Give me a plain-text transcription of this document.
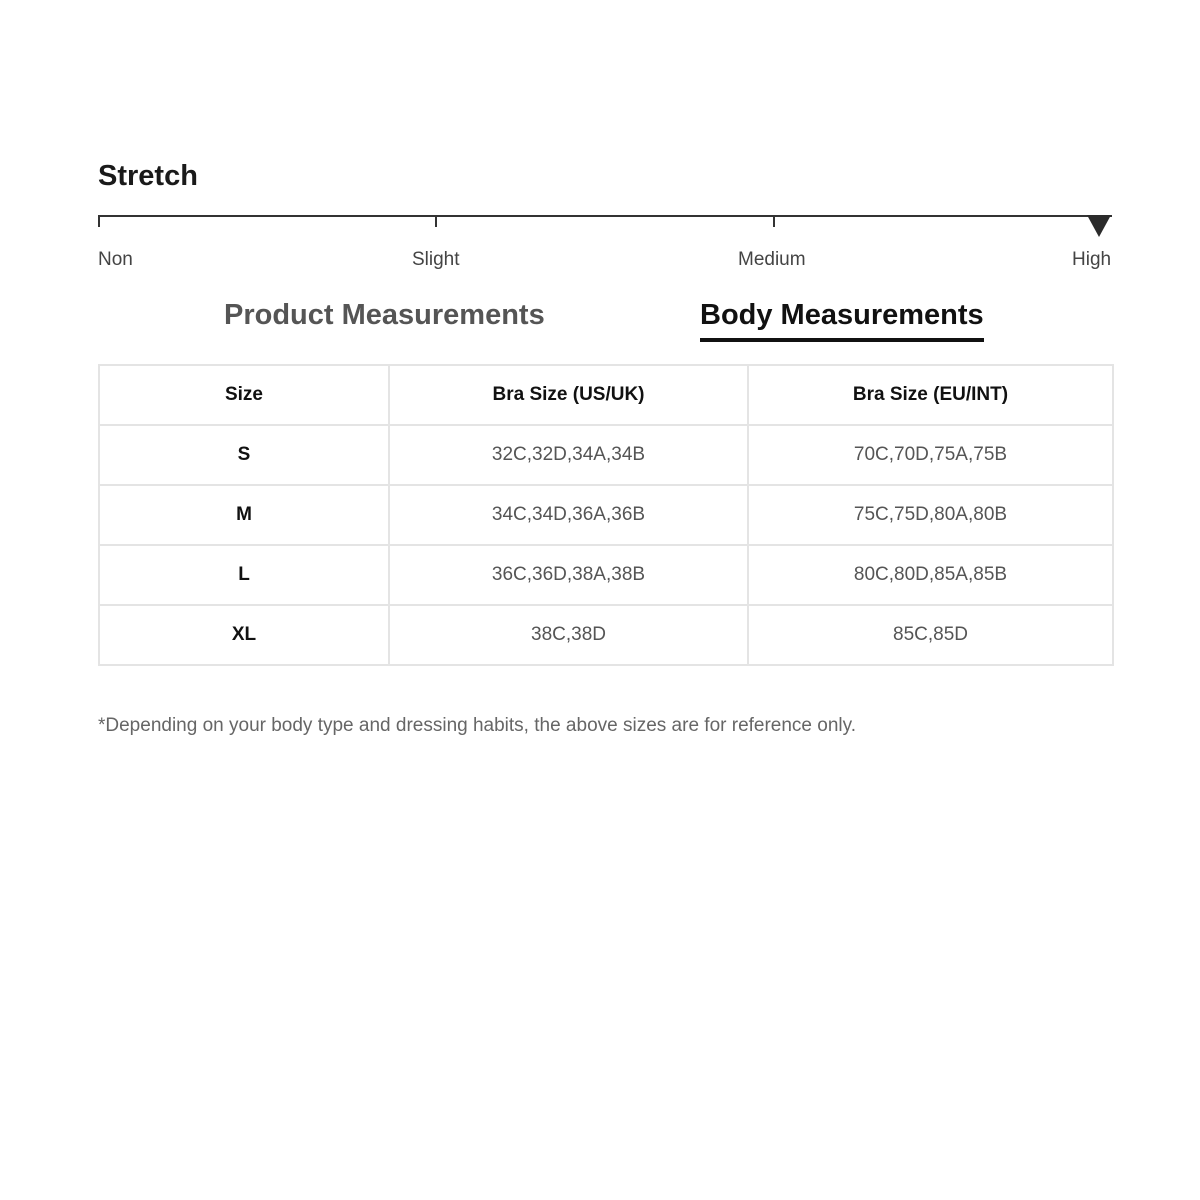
Stretch
Non	Slight	Medium	High
Product Measurements	Body Measurements
Size	Bra Size (US/UK)	Bra Size (EU/INT)
S	32C,32D,34A,34B	70C,70D,75A,75B
M	34C,34D,36A,36B	75C,75D,80A,80B
L	36C,36D,38A,38B	80C,80D,85A,85B
XL	38C,38D	85C,85D

*Depending on your body type and dressing habits, the above sizes are for reference only.
